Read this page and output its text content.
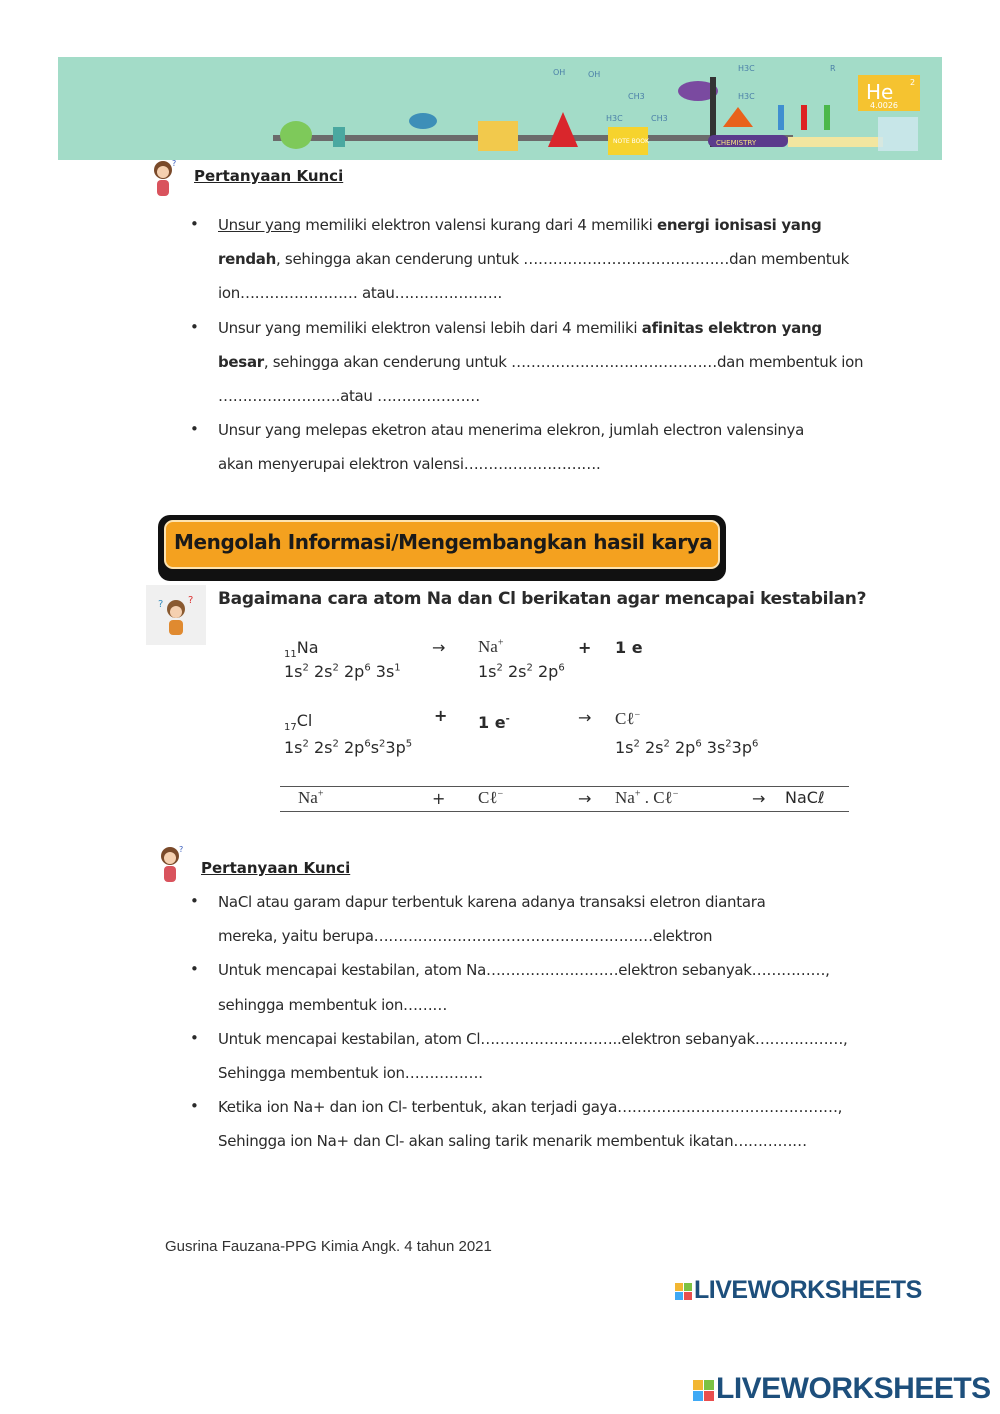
NOTE BOOK	CHEMISTRY
He 2
4.0026
OH	OH
CH3
H3C	CH3
H3C
H3C
R
?
Pertanyaan Kunci
• Unsur yang memiliki elektron valensi kurang dari 4 memiliki energi ionisasi yang
rendah, sehingga akan cenderung untuk ……………………………………dan membentuk
ion…………………… atau………………….
• Unsur yang memiliki elektron valensi lebih dari 4 memiliki afinitas elektron yang
besar, sehingga akan cenderung untuk ……………………………………dan membentuk ion
…………………….atau …………………
• Unsur yang melepas eketron atau menerima elekron, jumlah electron valensinya
akan menyerupai elektron valensi……………………….
Mengolah Informasi/Mengembangkan hasil karya
? ? Bagaimana cara atom Na dan Cl berikatan agar mencapai kestabilan?
$_{11}$Na	→ Na+	+ 1 e
$1s^2$ $2s^2$ $2p^6$ $3s^1$	$1s^2$ $2s^2$ $2p^6$
$_{17}$Cl	+ 1 e-	→ Cℓ−
$1s^2$ $2s^2$ $2p^6s^23p^5$	$1s^2$ $2s^2$ $2p^6$ $3s^23p^6$
Na+	+ Cℓ−	→ Na+ . Cℓ−	→ NaCℓ
?
Pertanyaan Kunci
• NaCl atau garam dapur terbentuk karena adanya transaksi eletron diantara
mereka, yaitu berupa…………………………………………………elektron
• Untuk mencapai kestabilan, atom Na………………………elektron sebanyak……………,
sehingga membentuk ion………
• Untuk mencapai kestabilan, atom Cl………………………..elektron sebanyak………………,
Sehingga membentuk ion…………….
• Ketika ion Na+ dan ion Cl- terbentuk, akan terjadi gaya………………………………………,
Sehingga ion Na+ dan Cl- akan saling tarik menarik membentuk ikatan……………
Gusrina Fauzana-PPG Kimia Angk. 4 tahun 2021
LIVEWORKSHEETS
LIVEWORKSHEETS
